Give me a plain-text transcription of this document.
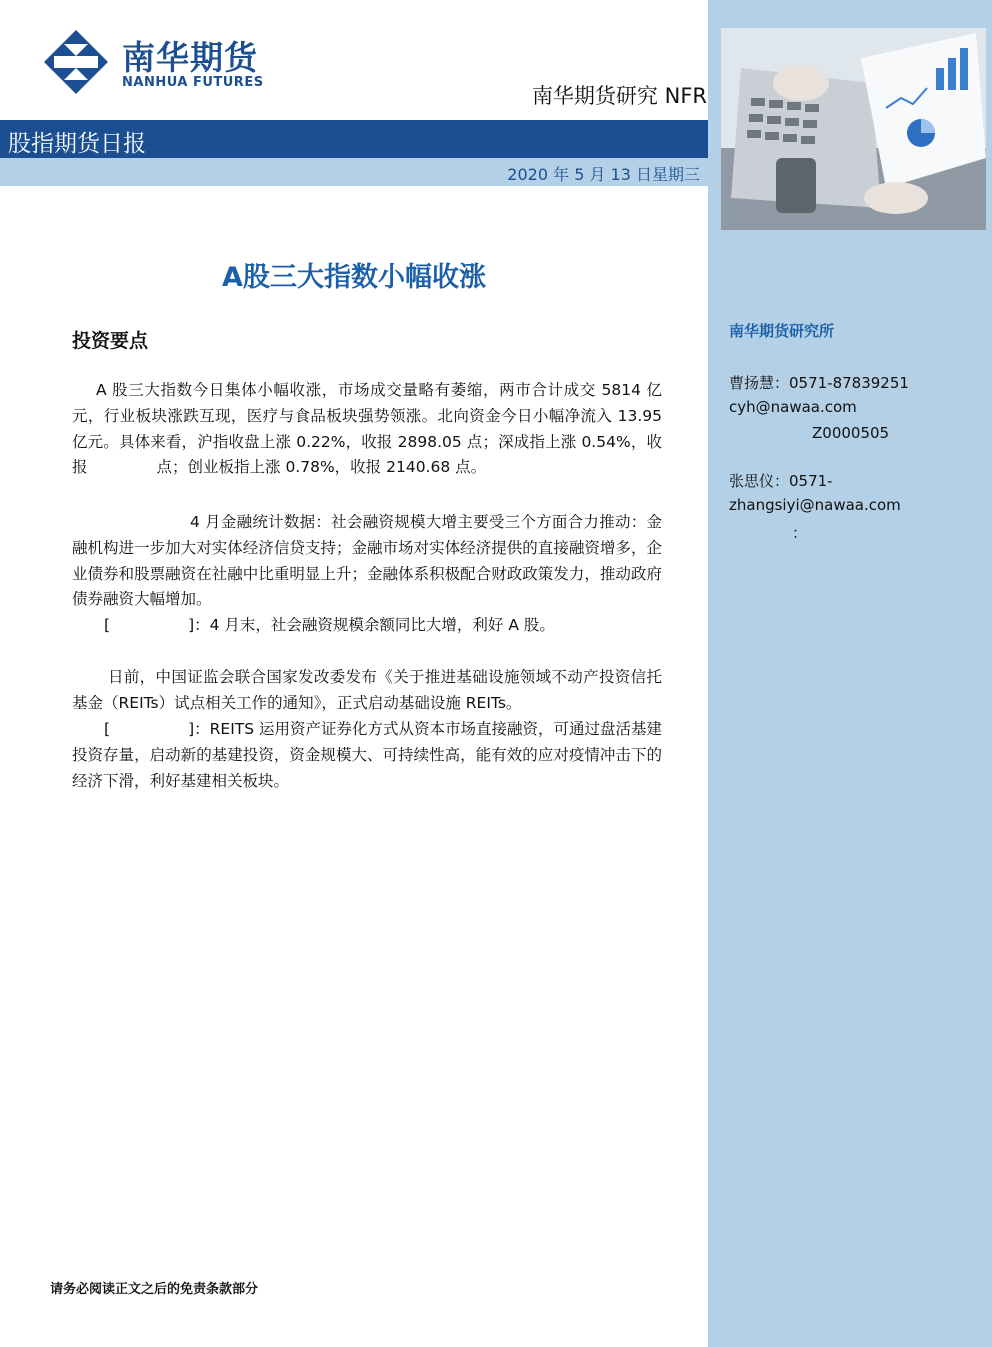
南华期货
NANHUA FUTURES
南华期货研究 NFR
股指期货日报
2020 年 5 月 13 日星期三
A股三大指数小幅收涨
投资要点

A 股三大指数今日集体小幅收涨，市场成交量略有萎缩，两市合计成交 5814 亿元，行业板块涨跌互现，医疗与食品板块强势领涨。北向资金今日小幅净流入 13.95 亿元。具体来看，沪指收盘上涨 0.22%，收报 2898.05 点；深成指上涨 0.54%，收报	点；创业板指上涨 0.78%，收报 2140.68 点。

4 月金融统计数据：社会融资规模大增主要受三个方面合力推动：金融机构进一步加大对实体经济信贷支持；金融市场对实体经济提供的直接融资增多，企业债券和股票融资在社融中比重明显上升；金融体系积极配合财政政策发力，推动政府债券融资大幅增加。

[	]：4 月末，社会融资规模余额同比大增，利好 A 股。

日前，中国证监会联合国家发改委发布《关于推进基础设施领域不动产投资信托基金（REITs）试点相关工作的通知》，正式启动基础设施 REITs。

[	]：REITS 运用资产证券化方式从资本市场直接融资，可通过盘活基建投资存量，启动新的基建投资，资金规模大、可持续性高，能有效的应对疫情冲击下的经济下滑，利好基建相关板块。

南华期货研究所
曹扬慧：0571-87839251
cyh@nawaa.com
Z0000505
张思仪：0571-
zhangsiyi@nawaa.com
：
请务必阅读正文之后的免责条款部分
